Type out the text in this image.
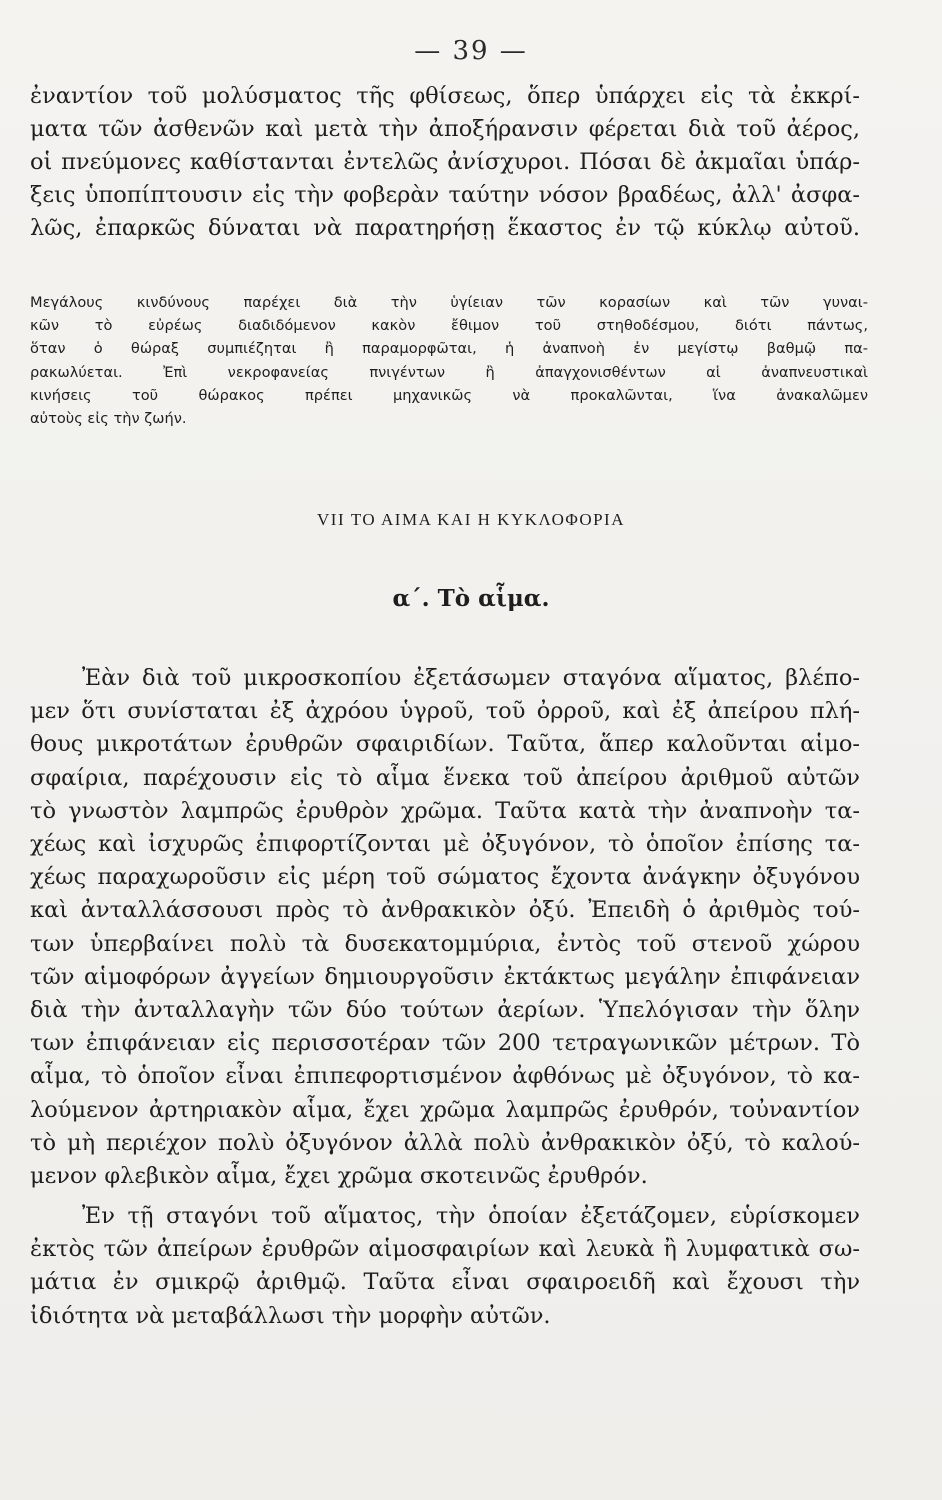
— 39 —
ἐναντίον τοῦ μολύσματος τῆς φθίσεως, ὅπερ ὑπάρχει εἰς τὰ ἐκκρί-
ματα τῶν ἀσθενῶν καὶ μετὰ τὴν ἀποξήρανσιν φέρεται διὰ τοῦ ἀέρος,
οἱ πνεύμονες καθίστανται ἐντελῶς ἀνίσχυροι. Πόσαι δὲ ἀκμαῖαι ὑπάρ-
ξεις ὑποπίπτουσιν εἰς τὴν φοβερὰν ταύτην νόσον βραδέως, ἀλλ' ἀσφα-
λῶς, ἐπαρκῶς δύναται νὰ παρατηρήσῃ ἕκαστος ἐν τῷ κύκλῳ αὐτοῦ.
Μεγάλους κινδύνους παρέχει διὰ τὴν ὑγίειαν τῶν κορασίων καὶ τῶν γυναι-
κῶν τὸ εὐρέως διαδιδόμενον κακὸν ἔθιμον τοῦ στηθοδέσμου, διότι πάντως,
ὅταν ὁ θώραξ συμπιέζηται ἢ παραμορφῶται, ἡ ἀναπνοὴ ἐν μεγίστῳ βαθμῷ πα-
ρακωλύεται. Ἐπὶ νεκροφανείας πνιγέντων ἢ ἀπαγχονισθέντων αἱ ἀναπνευστικαὶ
κινήσεις τοῦ θώρακος πρέπει μηχανικῶς νὰ προκαλῶνται, ἵνα ἀνακαλῶμεν
αὐτοὺς εἰς τὴν ζωήν.
VII ΤΟ ΑΙΜΑ ΚΑΙ Η ΚΥΚΛΟΦΟΡΙΑ
α΄. Τὸ αἷμα.
Ἐὰν διὰ τοῦ μικροσκοπίου ἐξετάσωμεν σταγόνα αἵματος, βλέπο-
μεν ὅτι συνίσταται ἐξ ἀχρόου ὑγροῦ, τοῦ ὀρροῦ, καὶ ἐξ ἀπείρου πλή-
θους μικροτάτων ἐρυθρῶν σφαιριδίων. Ταῦτα, ἅπερ καλοῦνται αἱμο-
σφαίρια, παρέχουσιν εἰς τὸ αἷμα ἕνεκα τοῦ ἀπείρου ἀριθμοῦ αὐτῶν
τὸ γνωστὸν λαμπρῶς ἐρυθρὸν χρῶμα. Ταῦτα κατὰ τὴν ἀναπνοὴν τα-
χέως καὶ ἰσχυρῶς ἐπιφορτίζονται μὲ ὀξυγόνον, τὸ ὁποῖον ἐπίσης τα-
χέως παραχωροῦσιν εἰς μέρη τοῦ σώματος ἔχοντα ἀνάγκην ὀξυγόνου
καὶ ἀνταλλάσσουσι πρὸς τὸ ἀνθρακικὸν ὀξύ. Ἐπειδὴ ὁ ἀριθμὸς τού-
των ὑπερβαίνει πολὺ τὰ δυσεκατομμύρια, ἐντὸς τοῦ στενοῦ χώρου
τῶν αἱμοφόρων ἀγγείων δημιουργοῦσιν ἐκτάκτως μεγάλην ἐπιφάνειαν
διὰ τὴν ἀνταλλαγὴν τῶν δύο τούτων ἀερίων. Ὑπελόγισαν τὴν ὅλην
των ἐπιφάνειαν εἰς περισσοτέραν τῶν 200 τετραγωνικῶν μέτρων. Τὸ
αἷμα, τὸ ὁποῖον εἶναι ἐπιπεφορτισμένον ἀφθόνως μὲ ὀξυγόνον, τὸ κα-
λούμενον ἀρτηριακὸν αἷμα, ἔχει χρῶμα λαμπρῶς ἐρυθρόν, τοὐναντίον
τὸ μὴ περιέχον πολὺ ὀξυγόνον ἀλλὰ πολὺ ἀνθρακικὸν ὀξύ, τὸ καλού-
μενον φλεβικὸν αἷμα, ἔχει χρῶμα σκοτεινῶς ἐρυθρόν.
Ἐν τῇ σταγόνι τοῦ αἵματος, τὴν ὁποίαν ἐξετάζομεν, εὑρίσκομεν
ἐκτὸς τῶν ἀπείρων ἐρυθρῶν αἱμοσφαιρίων καὶ λευκὰ ἢ λυμφατικὰ σω-
μάτια ἐν σμικρῷ ἀριθμῷ. Ταῦτα εἶναι σφαιροειδῆ καὶ ἔχουσι τὴν
ἰδιότητα νὰ μεταβάλλωσι τὴν μορφὴν αὐτῶν.
